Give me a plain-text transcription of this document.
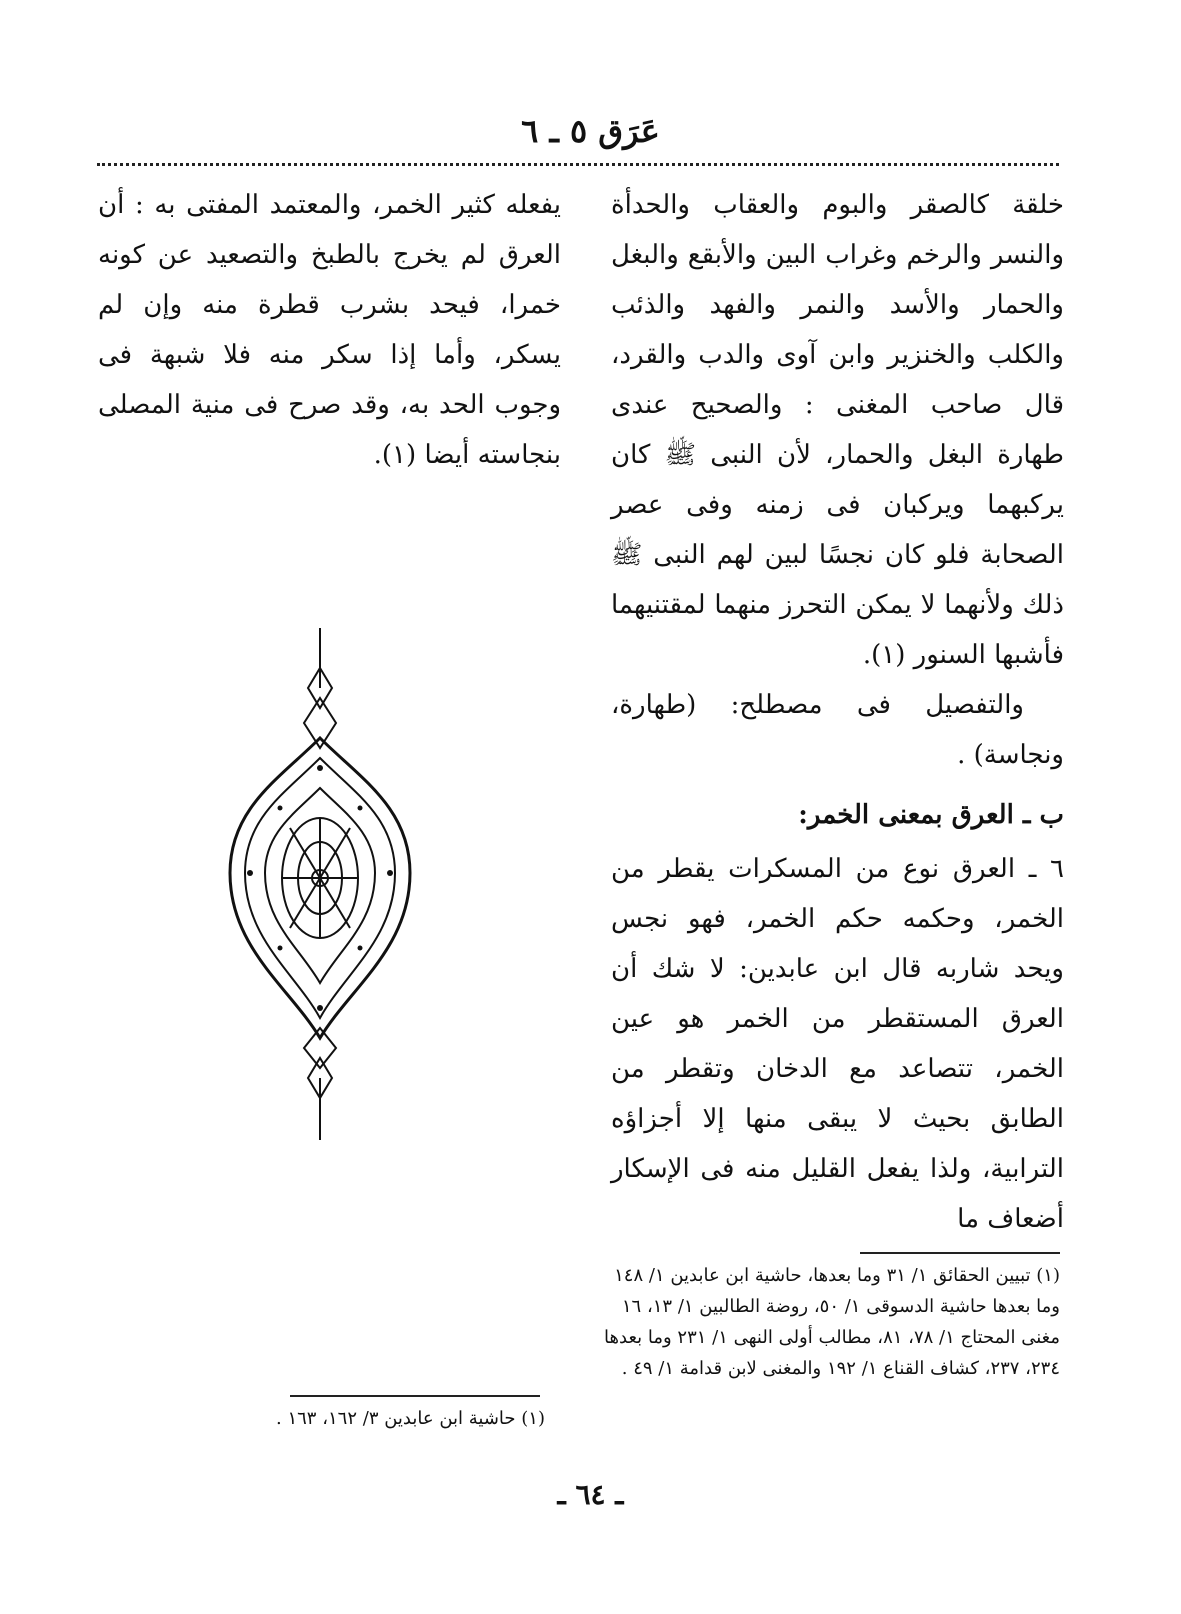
عَرَق ٥ ـ ٦

خلقة كالصقر والبوم والعقاب والحدأة والنسر والرخم وغراب البين والأبقع والبغل والحمار والأسد والنمر والفهد والذئب والكلب والخنزير وابن آوى والدب والقرد، قال صاحب المغنى : والصحيح عندى طهارة البغل والحمار، لأن النبى ﷺ كان يركبهما ويركبان فى زمنه وفى عصر الصحابة فلو كان نجسًا لبين لهم النبى ﷺ ذلك ولأنهما لا يمكن التحرز منهما لمقتنيهما فأشبها السنور (١).

والتفصيل فى مصطلح: (طهارة، ونجاسة) .

ب ـ العرق بمعنى الخمر:

٦ ـ العرق نوع من المسكرات يقطر من الخمر، وحكمه حكم الخمر، فهو نجس ويحد شاربه قال ابن عابدين: لا شك أن العرق المستقطر من الخمر هو عين الخمر، تتصاعد مع الدخان وتقطر من الطابق بحيث لا يبقى منها إلا أجزاؤه الترابية، ولذا يفعل القليل منه فى الإسكار أضعاف ما

يفعله كثير الخمر، والمعتمد المفتى به : أن العرق لم يخرج بالطبخ والتصعيد عن كونه خمرا، فيحد بشرب قطرة منه وإن لم يسكر، وأما إذا سكر منه فلا شبهة فى وجوب الحد به، وقد صرح فى منية المصلى بنجاسته أيضا (١).

(١) تبيين الحقائق ١/ ٣١ وما بعدها، حاشية ابن عابدين ١/ ١٤٨ وما بعدها حاشية الدسوقى ١/ ٥٠، روضة الطالبين ١/ ١٣، ١٦ مغنى المحتاج ١/ ٧٨، ٨١، مطالب أولى النهى ١/ ٢٣١ وما بعدها ٢٣٤، ٢٣٧، كشاف القناع ١/ ١٩٢ والمغنى لابن قدامة ١/ ٤٩ .
(١) حاشية ابن عابدين ٣/ ١٦٢، ١٦٣ .
ـ ٦٤ ـ
